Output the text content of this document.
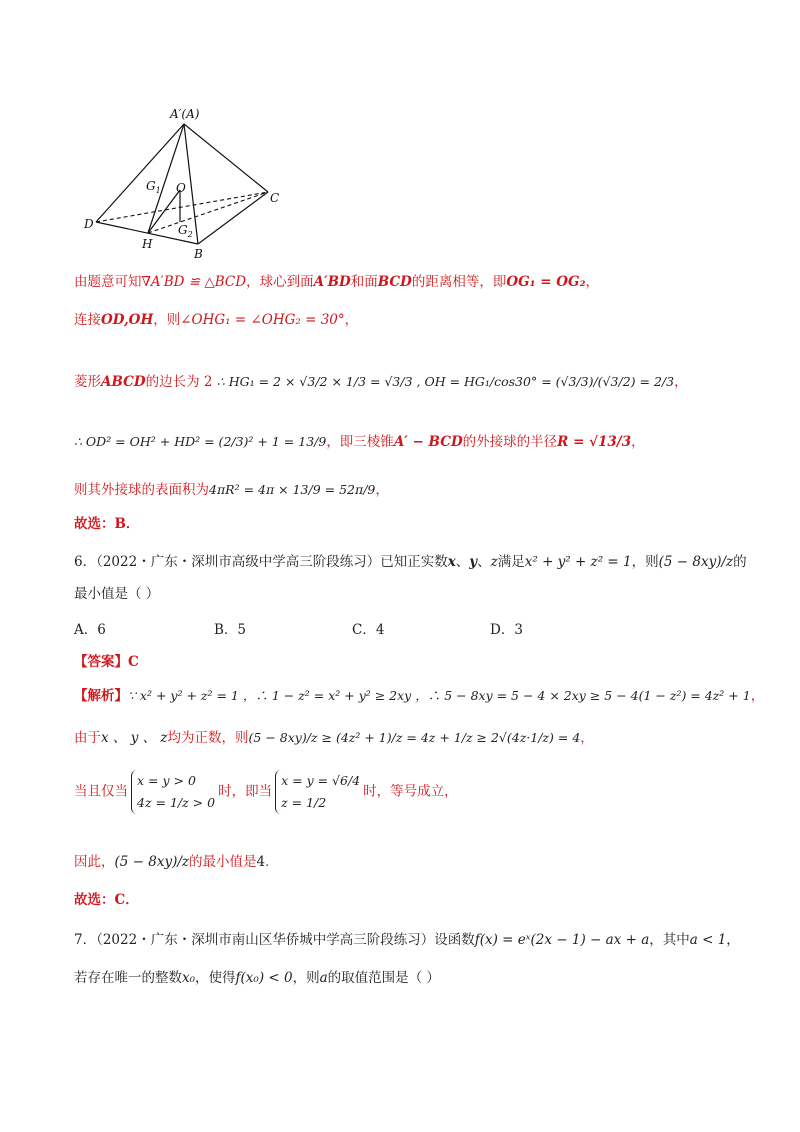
A′(A)
D
C
B
H
O
$G_1$
$G_2$
由题意可知∇A′BD ≌ △BCD，球心到面A′BD和面BCD的距离相等，即OG₁ = OG₂，
连接OD,OH，则∠OHG₁ = ∠OHG₂ = 30°，
菱形ABCD的边长为 2 ∴ HG₁ = 2 × √3/2 × 1/3 = √3/3 , OH = HG₁/cos30° = (√3/3)/(√3/2) = 2/3，
∴ OD² = OH² + HD² = (2/3)² + 1 = 13/9，即三棱锥A′ − BCD的外接球的半径R = √13/3，
则其外接球的表面积为4πR² = 4π × 13/9 = 52π/9，
故选：B．
6．（2022・广东・深圳市高级中学高三阶段练习）已知正实数x、y、z满足x² + y² + z² = 1，则(5 − 8xy)/z的
最小值是（ ）
A．6	B．5	C．4	D．3
【答案】C
【解析】∵ x² + y² + z² = 1 ，∴ 1 − z² = x² + y² ≥ 2xy ，∴ 5 − 8xy = 5 − 4 × 2xy ≥ 5 − 4(1 − z²) = 4z² + 1，
由于x 、 y 、 z均为正数，则(5 − 8xy)/z ≥ (4z² + 1)/z = 4z + 1/z ≥ 2√(4z·1/z) = 4，
当且仅当x = y > 0
4z = 1/z > 0时，即当x = y = √6/4
z = 1/2时，等号成立，
因此，(5 − 8xy)/z的最小值是4．
故选：C．
7．（2022・广东・深圳市南山区华侨城中学高三阶段练习）设函数f(x) = eˣ(2x − 1) − ax + a，其中a < 1，
若存在唯一的整数x₀，使得f(x₀) < 0，则a的取值范围是（ ）
